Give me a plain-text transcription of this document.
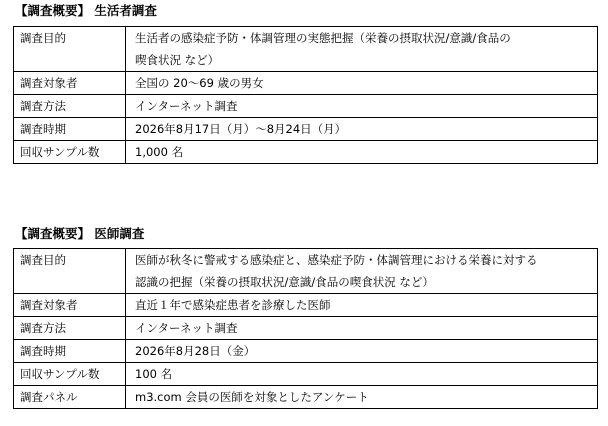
【調査概要】 生活者調査
調査目的	生活者の感染症予防・体調管理の実態把握（栄養の摂取状況/意識/食品の
喫食状況 など）

調査対象者	全国の 20～69 歳の男女
調査方法	インターネット調査
調査時期	2026年8月17日（月）～8月24日（月）
回収サンプル数	1,000 名
【調査概要】 医師調査
調査目的	医師が秋冬に警戒する感染症と、感染症予防・体調管理における栄養に対する
認識の把握（栄養の摂取状況/意識/食品の喫食状況 など）

調査対象者	直近１年で感染症患者を診療した医師
調査方法	インターネット調査
調査時期	2026年8月28日（金）
回収サンプル数	100 名
調査パネル	m3.com 会員の医師を対象としたアンケート
